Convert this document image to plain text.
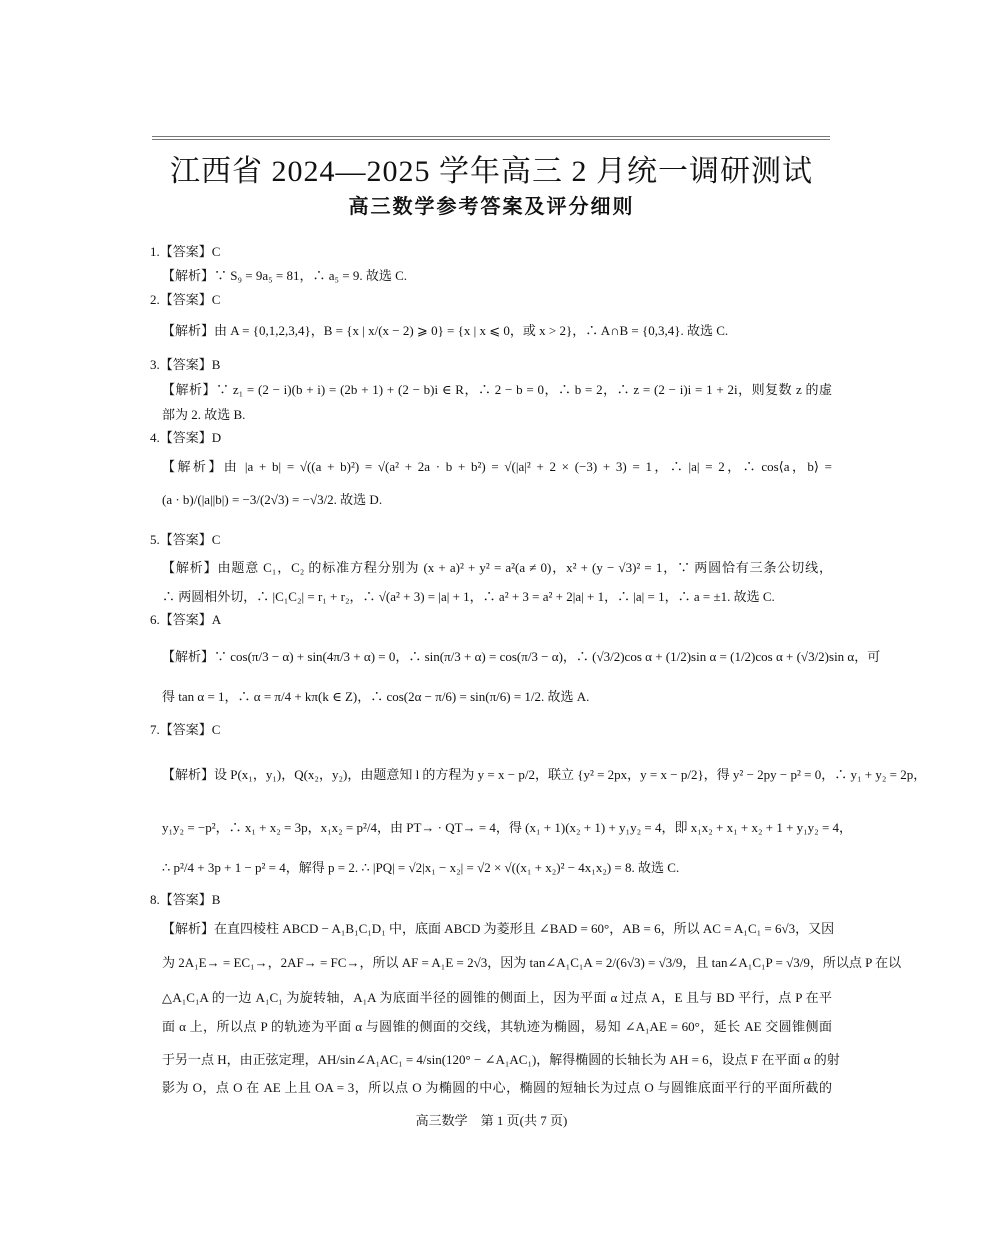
江西省 2024—2025 学年高三 2 月统一调研测试
高三数学参考答案及评分细则
1.【答案】C
【解析】∵ S₉ = 9a₅ = 81，∴ a₅ = 9. 故选 C.
2.【答案】C
【解析】由 A = {0,1,2,3,4}，B = {x | x/(x − 2) ⩾ 0} = {x | x ⩽ 0，或 x > 2}，∴ A∩B = {0,3,4}. 故选 C.
3.【答案】B
【解析】∵ z₁ = (2 − i)(b + i) = (2b + 1) + (2 − b)i ∈ R，∴ 2 − b = 0，∴ b = 2，∴ z = (2 − i)i = 1 + 2i，则复数 z 的虚
部为 2. 故选 B.
4.【答案】D
【解析】由 |a + b| = √((a + b)²) = √(a² + 2a · b + b²) = √(|a|² + 2 × (−3) + 3) = 1，∴ |a| = 2，∴ cos⟨a，b⟩ =
(a · b)/(|a||b|) = −3/(2√3) = −√3/2. 故选 D.
5.【答案】C
【解析】由题意 C₁，C₂ 的标准方程分别为 (x + a)² + y² = a²(a ≠ 0)，x² + (y − √3)² = 1，∵ 两圆恰有三条公切线，
∴ 两圆相外切，∴ |C₁C₂| = r₁ + r₂，∴ √(a² + 3) = |a| + 1，∴ a² + 3 = a² + 2|a| + 1，∴ |a| = 1，∴ a = ±1. 故选 C.
6.【答案】A
【解析】∵ cos(π/3 − α) + sin(4π/3 + α) = 0，∴ sin(π/3 + α) = cos(π/3 − α)，∴ (√3/2)cos α + (1/2)sin α = (1/2)cos α + (√3/2)sin α，可
得 tan α = 1，∴ α = π/4 + kπ(k ∈ Z)，∴ cos(2α − π/6) = sin(π/6) = 1/2. 故选 A.
7.【答案】C
【解析】设 P(x₁，y₁)，Q(x₂，y₂)，由题意知 l 的方程为 y = x − p/2，联立 {y² = 2px，y = x − p/2}，得 y² − 2py − p² = 0，∴ y₁ + y₂ = 2p，
y₁y₂ = −p²，∴ x₁ + x₂ = 3p，x₁x₂ = p²/4，由 PT→ · QT→ = 4，得 (x₁ + 1)(x₂ + 1) + y₁y₂ = 4，即 x₁x₂ + x₁ + x₂ + 1 + y₁y₂ = 4，
∴ p²/4 + 3p + 1 − p² = 4，解得 p = 2. ∴ |PQ| = √2|x₁ − x₂| = √2 × √((x₁ + x₂)² − 4x₁x₂) = 8. 故选 C.
8.【答案】B
【解析】在直四棱柱 ABCD − A₁B₁C₁D₁ 中，底面 ABCD 为菱形且 ∠BAD = 60°，AB = 6，所以 AC = A₁C₁ = 6√3，又因
为 2A₁E→ = EC₁→，2AF→ = FC→，所以 AF = A₁E = 2√3，因为 tan∠A₁C₁A = 2/(6√3) = √3/9，且 tan∠A₁C₁P = √3/9，所以点 P 在以
△A₁C₁A 的一边 A₁C₁ 为旋转轴，A₁A 为底面半径的圆锥的侧面上，因为平面 α 过点 A，E 且与 BD 平行，点 P 在平
面 α 上，所以点 P 的轨迹为平面 α 与圆锥的侧面的交线，其轨迹为椭圆，易知 ∠A₁AE = 60°，延长 AE 交圆锥侧面
于另一点 H，由正弦定理，AH/sin∠A₁AC₁ = 4/sin(120° − ∠A₁AC₁)，解得椭圆的长轴长为 AH = 6，设点 F 在平面 α 的射
影为 O，点 O 在 AE 上且 OA = 3，所以点 O 为椭圆的中心，椭圆的短轴长为过点 O 与圆锥底面平行的平面所截的
高三数学　第 1 页(共 7 页)
